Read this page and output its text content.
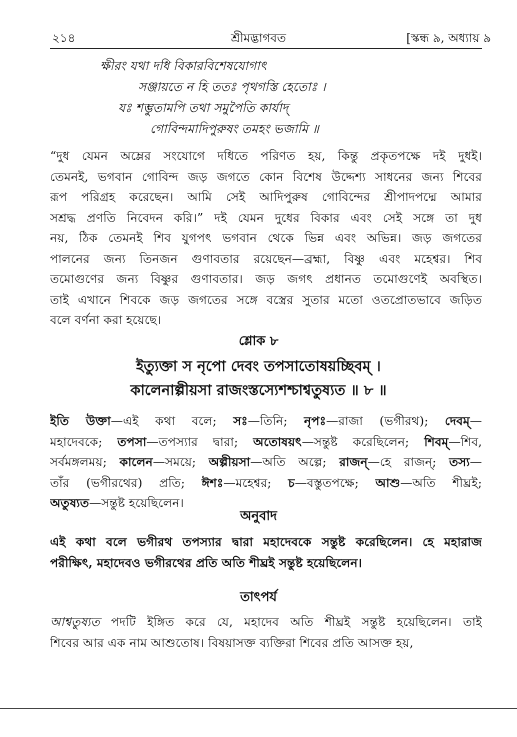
২১৪	শ্রীমদ্ভাগবত	[স্কন্ধ ৯, অধ্যায় ৯
ক্ষীরং যথা দধি বিকারবিশেষযোগাৎ
সঞ্জায়তে ন হি ততঃ পৃথগস্তি হেতোঃ ।
যঃ শম্ভুতামপি তথা সমুপৈতি কার্যাদ্
গোবিন্দমাদিপুরুষং তমহং ভজামি ॥
“দুধ যেমন অম্লের সংযোগে দধিতে পরিণত হয়, কিন্তু প্রকৃতপক্ষে দই দুধই।
তেমনই, ভগবান গোবিন্দ জড় জগতে কোন বিশেষ উদ্দেশ্য সাধনের জন্য শিবের
রূপ পরিগ্রহ করেছেন। আমি সেই আদিপুরুষ গোবিন্দের শ্রীপাদপদ্মে আমার
সশ্রদ্ধ প্রণতি নিবেদন করি।” দই যেমন দুধের বিকার এবং সেই সঙ্গে তা দুধ
নয়, ঠিক তেমনই শিব যুগপৎ ভগবান থেকে ভিন্ন এবং অভিন্ন। জড় জগতের
পালনের জন্য তিনজন গুণাবতার রয়েছেন—ব্রহ্মা, বিষ্ণু এবং মহেশ্বর। শিব
তমোগুণের জন্য বিষ্ণুর গুণাবতার। জড় জগৎ প্রধানত তমোগুণেই অবস্থিত।
তাই এখানে শিবকে জড় জগতের সঙ্গে বস্ত্রের সুতার মতো ওতপ্রোতভাবে জড়িত
বলে বর্ণনা করা হয়েছে।
শ্লোক ৮
ইত্যুক্তা স নৃপো দেবং তপসাতোষয়চ্ছিবম্ ।
কালেনাল্পীয়সা রাজংস্তস্যেশশ্চাশ্বতুষ্যত ॥ ৮ ॥
ইতি উক্তা—এই কথা বলে; সঃ—তিনি; নৃপঃ—রাজা (ভগীরথ); দেবম্—
মহাদেবকে; তপসা—তপস্যার দ্বারা; অতোষয়ৎ—সন্তুষ্ট করেছিলেন; শিবম্—শিব,
সর্বমঙ্গলময়; কালেন—সময়ে; অল্পীয়সা—অতি অল্পে; রাজন্—হে রাজন্; তস্য—
তাঁর (ভগীরথের) প্রতি; ঈশঃ—মহেশ্বর; চ—বস্তুতপক্ষে; আশু—অতি শীঘ্রই;
অতুষ্যত—সন্তুষ্ট হয়েছিলেন।
অনুবাদ
এই কথা বলে ভগীরথ তপস্যার দ্বারা মহাদেবকে সন্তুষ্ট করেছিলেন। হে মহারাজ
পরীক্ষিৎ, মহাদেবও ভগীরথের প্রতি অতি শীঘ্রই সন্তুষ্ট হয়েছিলেন।
তাৎপর্য
আশ্বতুষ্যত পদটি ইঙ্গিত করে যে, মহাদেব অতি শীঘ্রই সন্তুষ্ট হয়েছিলেন। তাই
শিবের আর এক নাম আশুতোষ। বিষয়াসক্ত ব্যক্তিরা শিবের প্রতি আসক্ত হয়,
